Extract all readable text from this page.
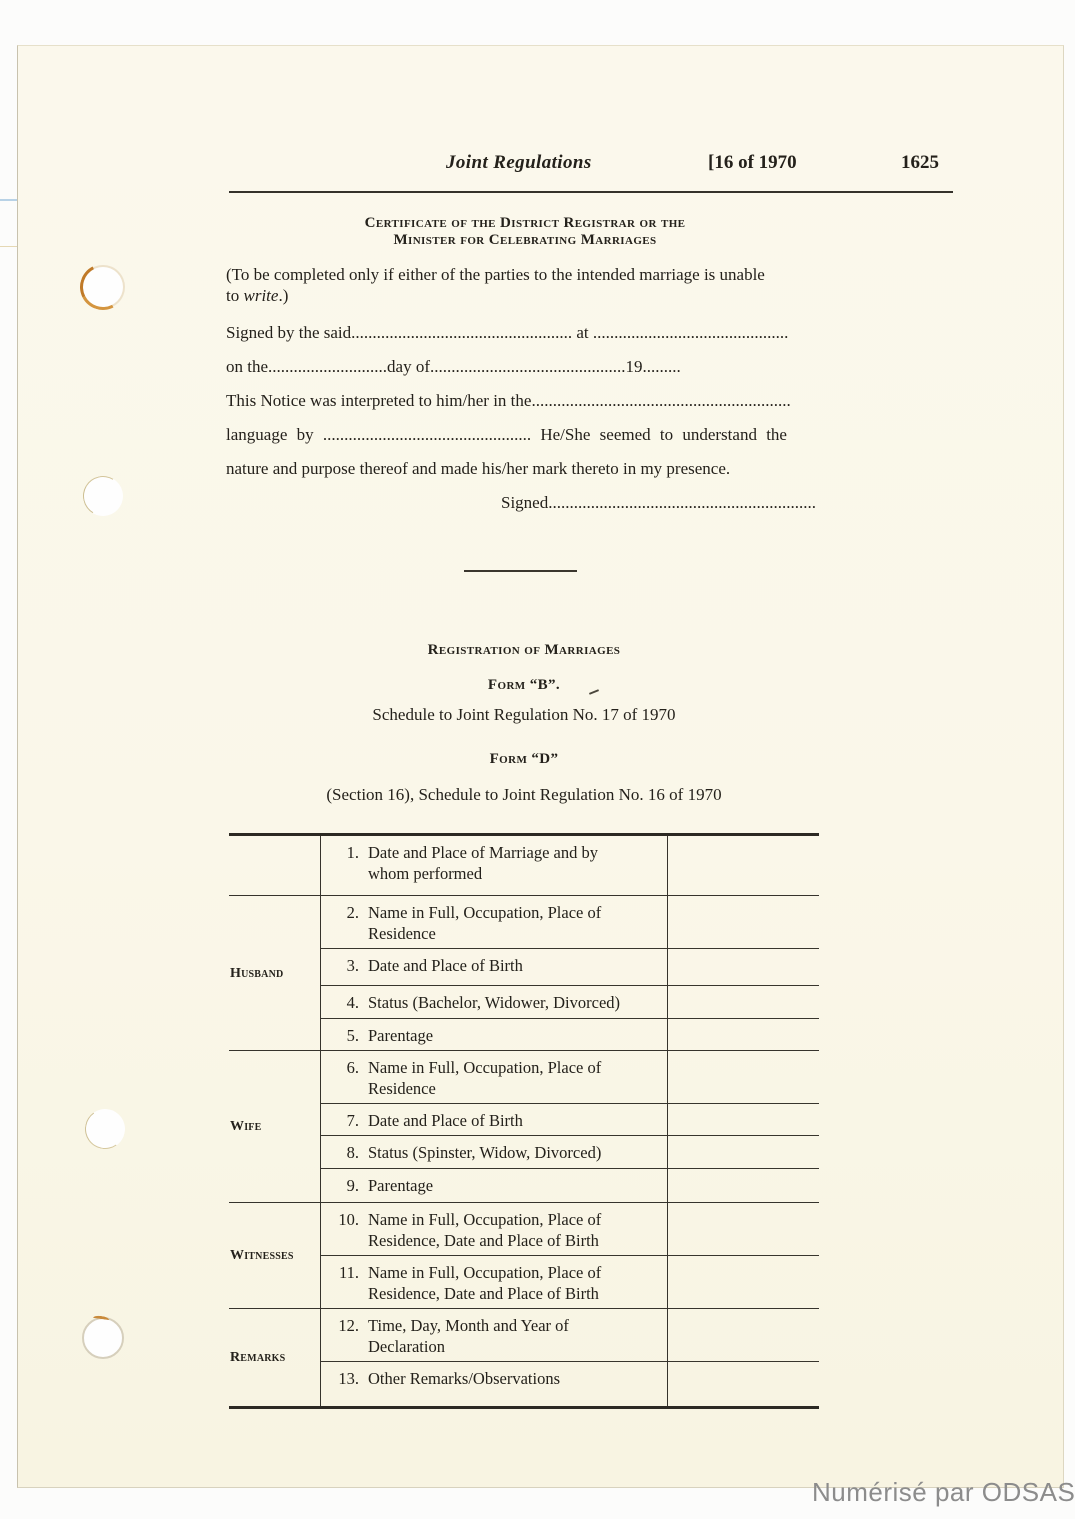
Joint Regulations	[16 of 1970	1625
Certificate of the District Registrar or the
Minister for Celebrating Marriages
(To be completed only if either of the parties to the intended marriage is unable
to write.)
Signed by the said.................................................... at ..............................................
on the............................day of..............................................19.........
This Notice was interpreted to him/her in the.............................................................
language by ................................................. He/She seemed to understand the
nature and purpose thereof and made his/her mark thereto in my presence.
Signed...............................................................
Registration of Marriages
Form “B”.
Schedule to Joint Regulation No. 17 of 1970
Form “D”
(Section 16), Schedule to Joint Regulation No. 16 of 1970
1. Date and Place of Marriage and by
whom performed
Husband
2. Name in Full, Occupation, Place of
Residence
3. Date and Place of Birth
4. Status (Bachelor, Widower, Divorced)
5. Parentage
Wife
6. Name in Full, Occupation, Place of
Residence
7. Date and Place of Birth
8. Status (Spinster, Widow, Divorced)
9. Parentage
Witnesses
10. Name in Full, Occupation, Place of
Residence, Date and Place of Birth
11. Name in Full, Occupation, Place of
Residence, Date and Place of Birth
Remarks
12. Time, Day, Month and Year of
Declaration
13. Other Remarks/Observations
Numérisé par ODSAS
